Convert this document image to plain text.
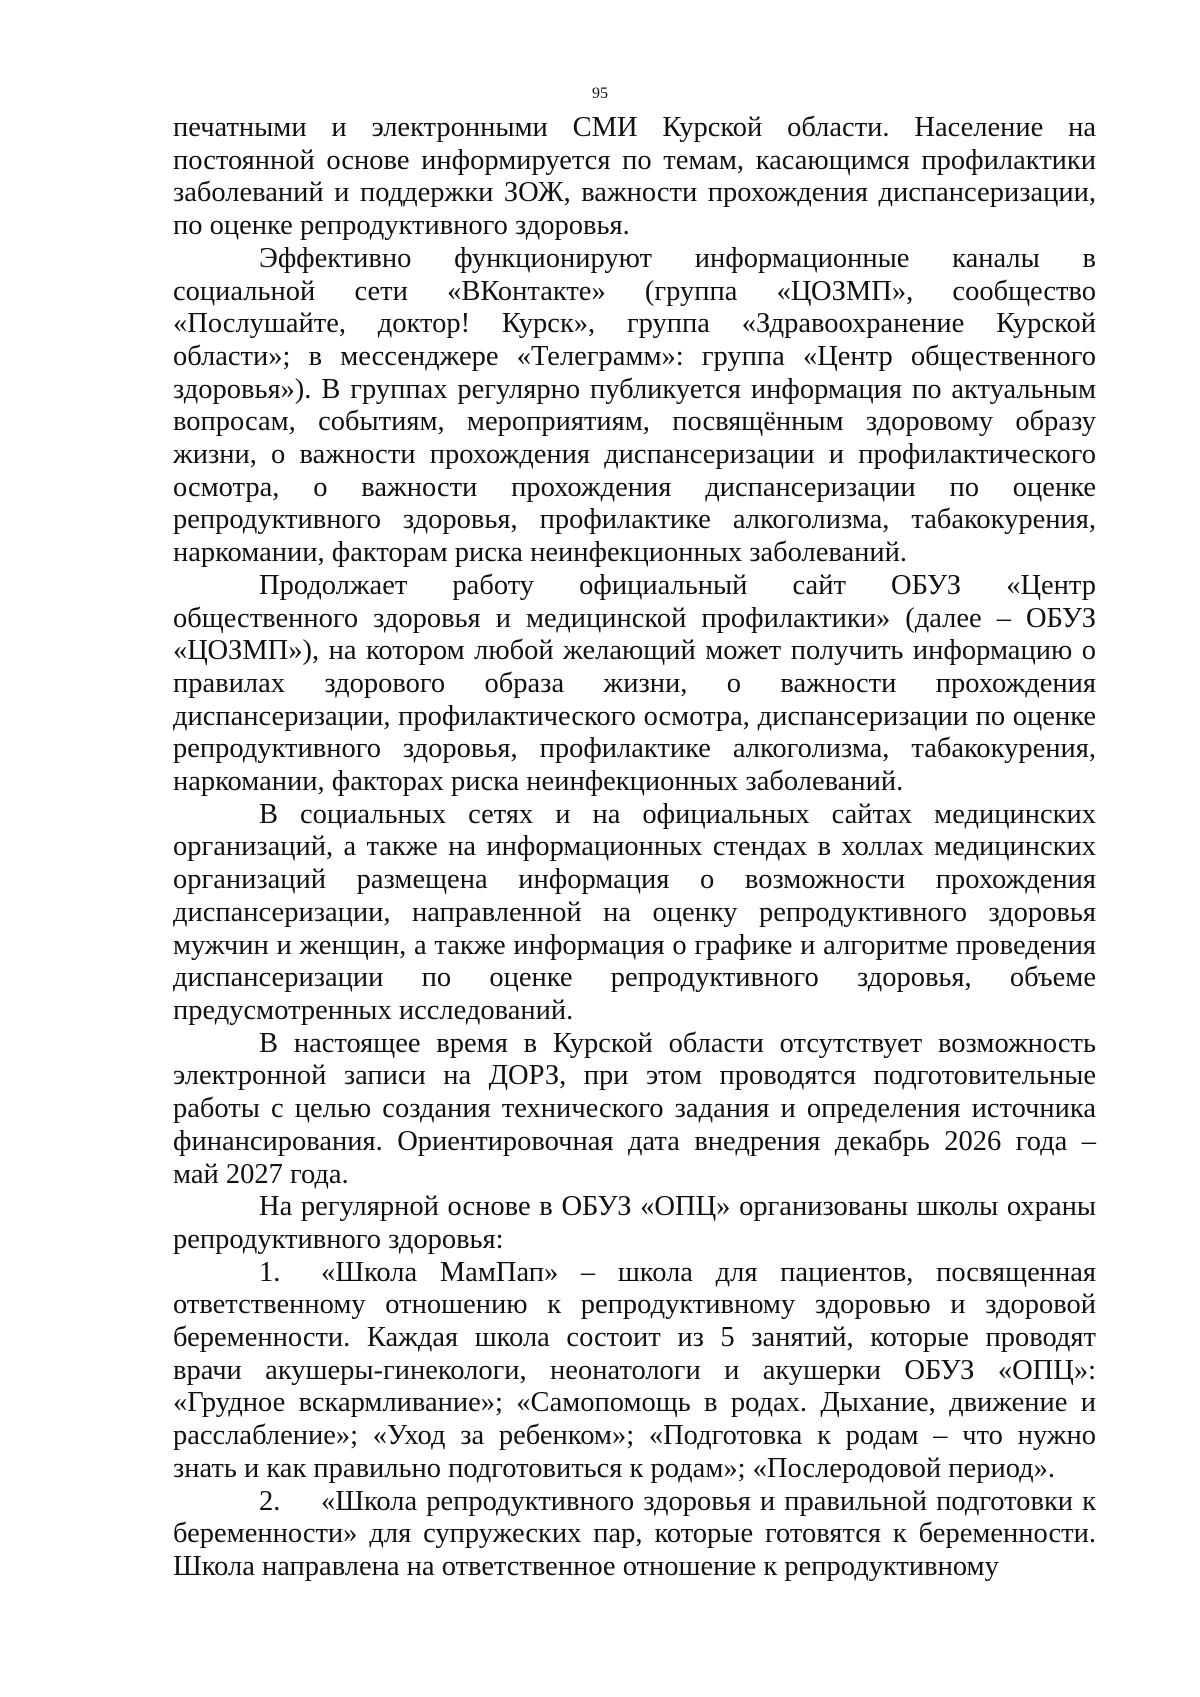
95

печатными и электронными СМИ Курской области. Население на постоянной основе информируется по темам, касающимся профилактики заболеваний и поддержки ЗОЖ, важности прохождения диспансеризации, по оценке репродуктивного здоровья.

Эффективно функционируют информационные каналы в социальной сети «ВКонтакте» (группа «ЦОЗМП», сообщество «Послушайте, доктор! Курск», группа «Здравоохранение Курской области»; в мессенджере «Телеграмм»: группа «Центр общественного здоровья»). В группах регулярно публикуется информация по актуальным вопросам, событиям, мероприятиям, посвящённым здоровому образу жизни, о важности прохождения диспансеризации и профилактического осмотра, о важности прохождения диспансеризации по оценке репродуктивного здоровья, профилактике алкоголизма, табакокурения, наркомании, факторам риска неинфекционных заболеваний.

Продолжает работу официальный сайт ОБУЗ «Центр общественного здоровья и медицинской профилактики» (далее – ОБУЗ «ЦОЗМП»), на котором любой желающий может получить информацию о правилах здорового образа жизни, о важности прохождения диспансеризации, профилактического осмотра, диспансеризации по оценке репродуктивного здоровья, профилактике алкоголизма, табакокурения, наркомании, факторах риска неинфекционных заболеваний.

В социальных сетях и на официальных сайтах медицинских организаций, а также на информационных стендах в холлах медицинских организаций размещена информация о возможности прохождения диспансеризации, направленной на оценку репродуктивного здоровья мужчин и женщин, а также информация о графике и алгоритме проведения диспансеризации по оценке репродуктивного здоровья, объеме предусмотренных исследований.

В настоящее время в Курской области отсутствует возможность электронной записи на ДОРЗ, при этом проводятся подготовительные работы с целью создания технического задания и определения источника финансирования. Ориентировочная дата внедрения декабрь 2026 года – май 2027 года.

На регулярной основе в ОБУЗ «ОПЦ» организованы школы охраны репродуктивного здоровья:

1. «Школа МамПап» – школа для пациентов, посвященная ответственному отношению к репродуктивному здоровью и здоровой беременности. Каждая школа состоит из 5 занятий, которые проводят врачи акушеры-гинекологи, неонатологи и акушерки ОБУЗ «ОПЦ»: «Грудное вскармливание»; «Самопомощь в родах. Дыхание, движение и расслабление»; «Уход за ребенком»; «Подготовка к родам – что нужно знать и как правильно подготовиться к родам»; «Послеродовой период».

2. «Школа репродуктивного здоровья и правильной подготовки к беременности» для супружеских пар, которые готовятся к беременности. Школа направлена на ответственное отношение к репродуктивному
